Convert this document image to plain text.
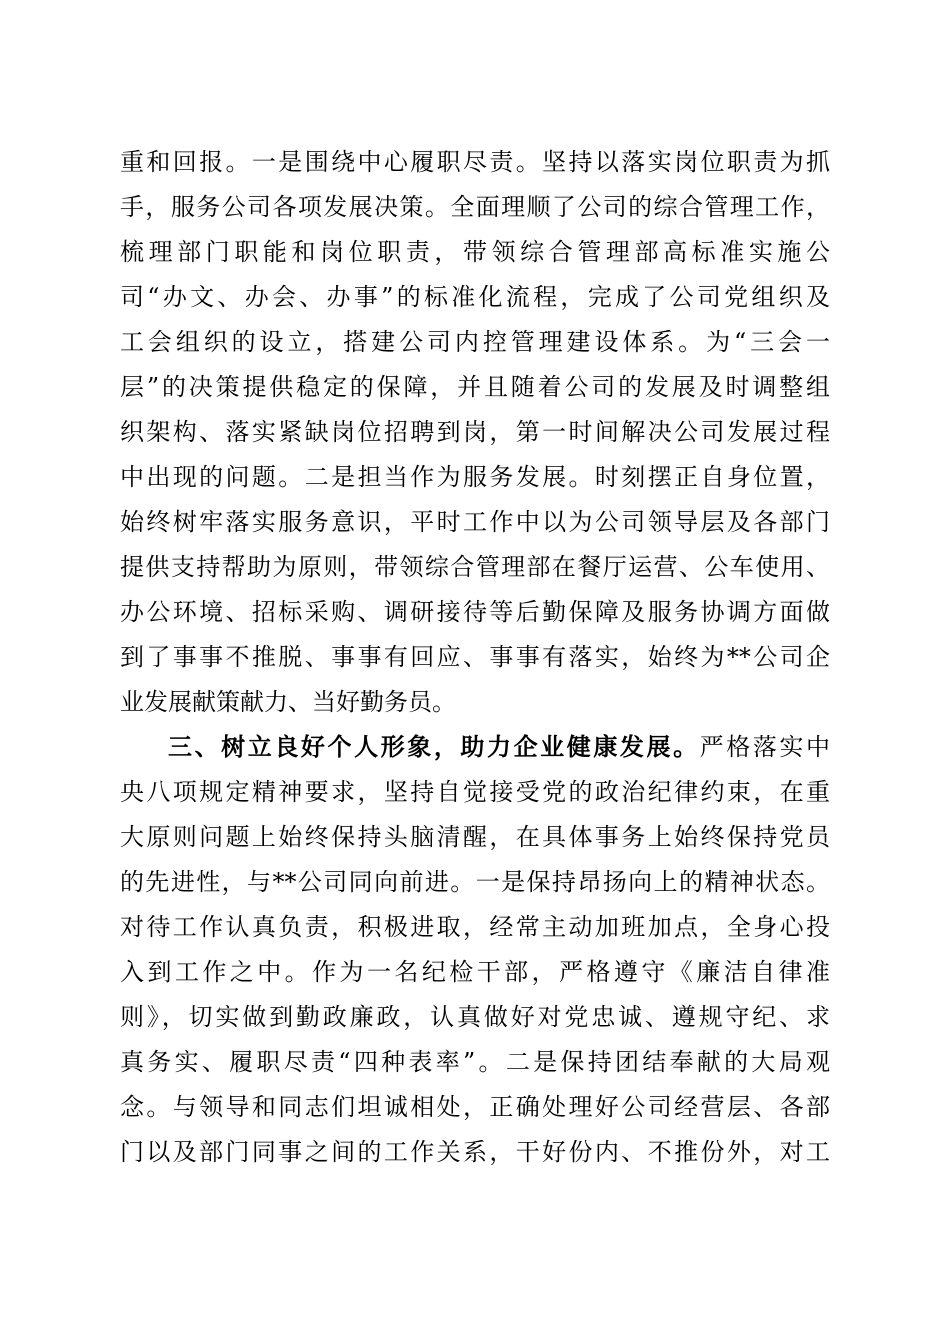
重和回报。一是围绕中心履职尽责。坚持以落实岗位职责为抓

手，服务公司各项发展决策。全面理顺了公司的综合管理工作，

梳理部门职能和岗位职责，带领综合管理部高标准实施公

司“办文、办会、办事”的标准化流程，完成了公司党组织及

工会组织的设立，搭建公司内控管理建设体系。为“三会一

层”的决策提供稳定的保障，并且随着公司的发展及时调整组

织架构、落实紧缺岗位招聘到岗，第一时间解决公司发展过程

中出现的问题。二是担当作为服务发展。时刻摆正自身位置，

始终树牢落实服务意识，平时工作中以为公司领导层及各部门

提供支持帮助为原则，带领综合管理部在餐厅运营、公车使用、

办公环境、招标采购、调研接待等后勤保障及服务协调方面做

到了事事不推脱、事事有回应、事事有落实，始终为**公司企

业发展献策献力、当好勤务员。

三、树立良好个人形象，助力企业健康发展。严格落实中

央八项规定精神要求，坚持自觉接受党的政治纪律约束，在重

大原则问题上始终保持头脑清醒，在具体事务上始终保持党员

的先进性，与**公司同向前进。一是保持昂扬向上的精神状态。

对待工作认真负责，积极进取，经常主动加班加点，全身心投

入到工作之中。作为一名纪检干部，严格遵守《廉洁自律准

则》，切实做到勤政廉政，认真做好对党忠诚、遵规守纪、求

真务实、履职尽责“四种表率”。二是保持团结奉献的大局观

念。与领导和同志们坦诚相处，正确处理好公司经营层、各部

门以及部门同事之间的工作关系，干好份内、不推份外，对工
